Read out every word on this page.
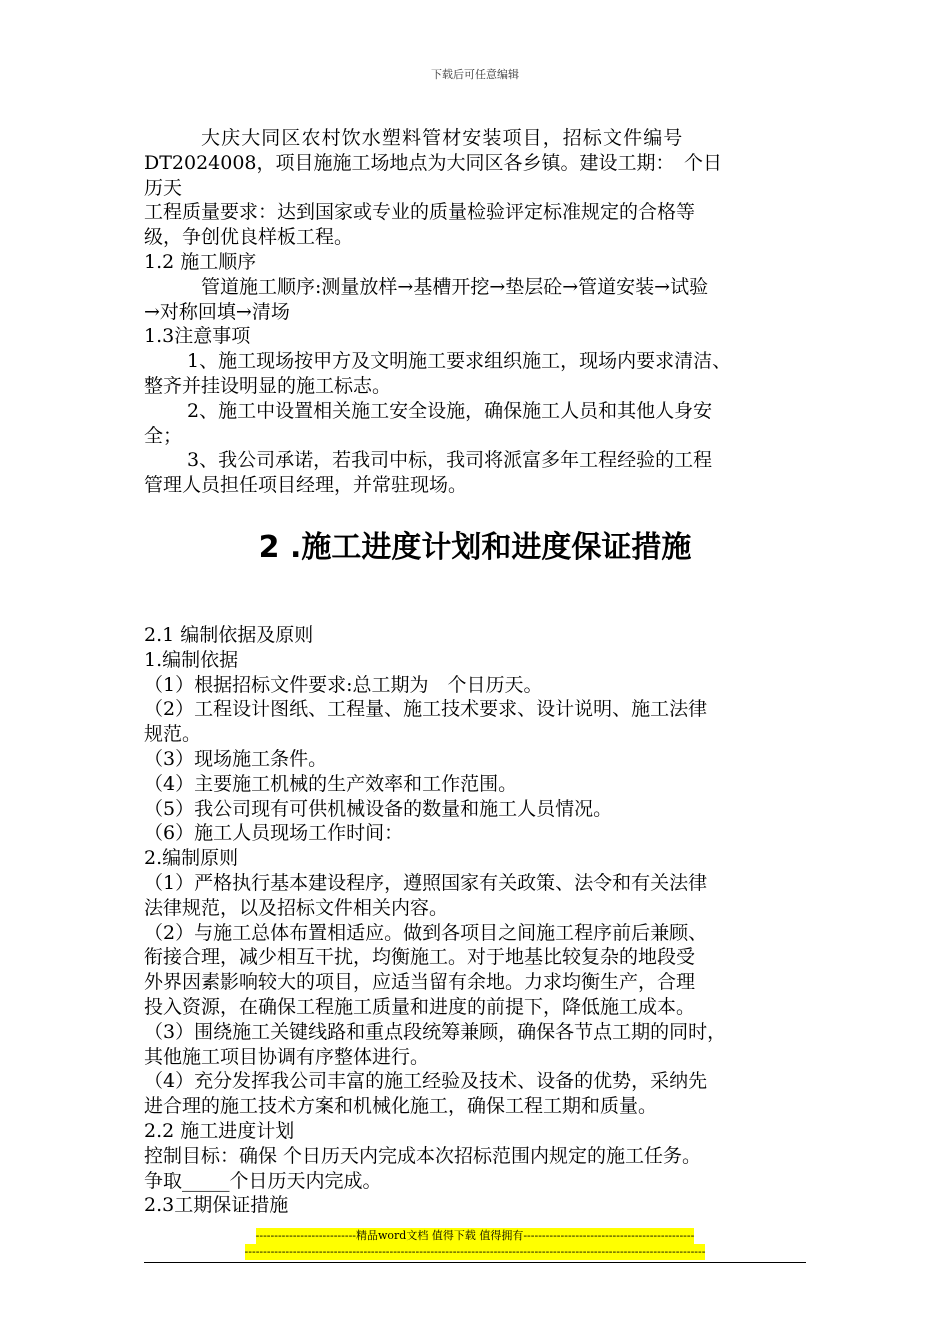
下载后可任意编辑

大庆大同区农村饮水塑料管材安装项目，招标文件编号

DT2024008，项目施施工场地点为大同区各乡镇。建设工期：　个日

历天

工程质量要求：达到国家或专业的质量检验评定标准规定的合格等

级，争创优良样板工程。

1.2 施工顺序

管道施工顺序:测量放样→基槽开挖→垫层砼→管道安装→试验

→对称回填→清场

1.3注意事项

1、施工现场按甲方及文明施工要求组织施工，现场内要求清洁、

整齐并挂设明显的施工标志。

2、施工中设置相关施工安全设施，确保施工人员和其他人身安

全；

3、我公司承诺，若我司中标，我司将派富多年工程经验的工程

管理人员担任项目经理，并常驻现场。

2 .施工进度计划和进度保证措施

2.1 编制依据及原则

1.编制依据

（1）根据招标文件要求:总工期为　个日历天。

（2）工程设计图纸、工程量、施工技术要求、设计说明、施工法律

规范。

（3）现场施工条件。

（4）主要施工机械的生产效率和工作范围。

（5）我公司现有可供机械设备的数量和施工人员情况。

（6）施工人员现场工作时间：

2.编制原则

（1）严格执行基本建设程序，遵照国家有关政策、法令和有关法律

法律规范，以及招标文件相关内容。

（2）与施工总体布置相适应。做到各项目之间施工程序前后兼顾、

衔接合理，减少相互干扰，均衡施工。对于地基比较复杂的地段受

外界因素影响较大的项目，应适当留有余地。力求均衡生产，合理

投入资源，在确保工程施工质量和进度的前提下，降低施工成本。

（3）围绕施工关键线路和重点段统筹兼顾，确保各节点工期的同时，

其他施工项目协调有序整体进行。

（4）充分发挥我公司丰富的施工经验及技术、设备的优势，采纳先

进合理的施工技术方案和机械化施工，确保工程工期和质量。

2.2 施工进度计划

控制目标：确保 个日历天内完成本次招标范围内规定的施工任务。

争取_____个日历天内完成。

2.3工期保证措施

---------------------------精品word文档 值得下载 值得拥有----------------------------------------------
----------------------------------------------------------------------------------------------------------------------------
